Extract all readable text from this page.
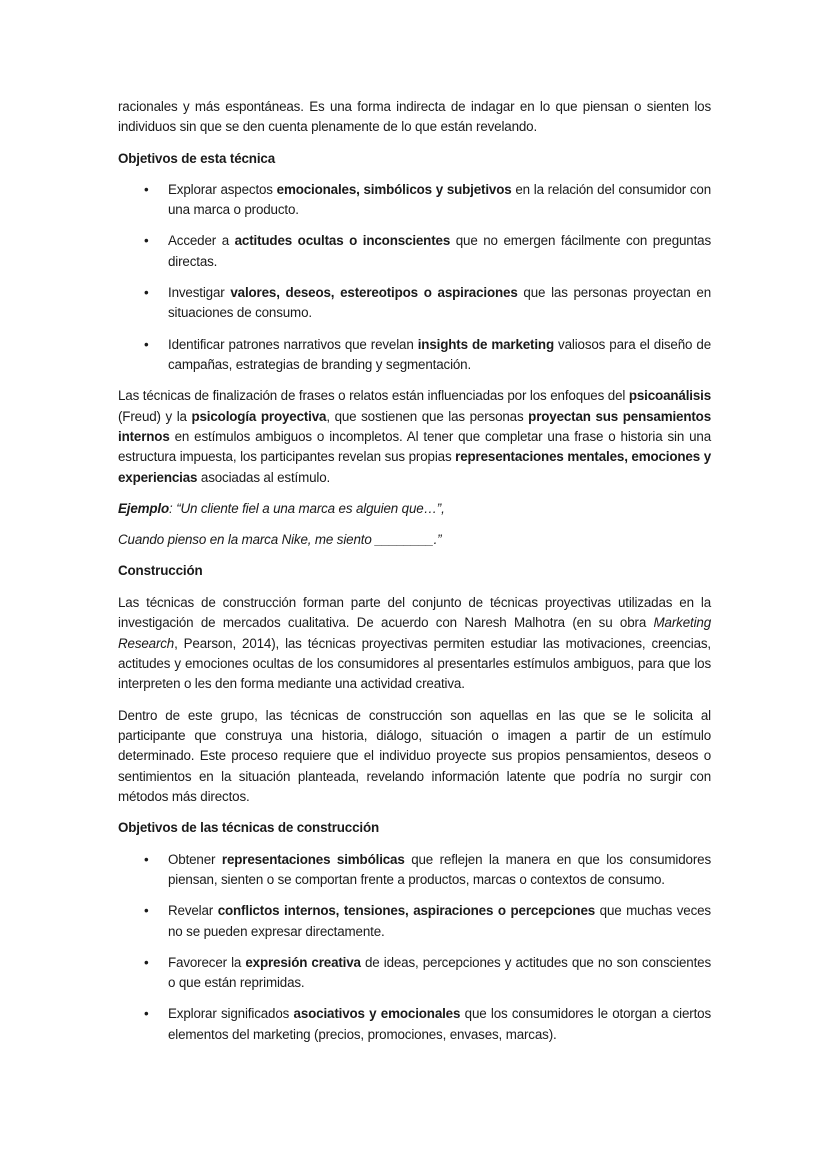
racionales y más espontáneas. Es una forma indirecta de indagar en lo que piensan o sienten los individuos sin que se den cuenta plenamente de lo que están revelando.

Objetivos de esta técnica

• Explorar aspectos emocionales, simbólicos y subjetivos en la relación del consumidor con una marca o producto.
• Acceder a actitudes ocultas o inconscientes que no emergen fácilmente con preguntas directas.
• Investigar valores, deseos, estereotipos o aspiraciones que las personas proyectan en situaciones de consumo.
• Identificar patrones narrativos que revelan insights de marketing valiosos para el diseño de campañas, estrategias de branding y segmentación.

Las técnicas de finalización de frases o relatos están influenciadas por los enfoques del psicoanálisis (Freud) y la psicología proyectiva, que sostienen que las personas proyectan sus pensamientos internos en estímulos ambiguos o incompletos. Al tener que completar una frase o historia sin una estructura impuesta, los participantes revelan sus propias representaciones mentales, emociones y experiencias asociadas al estímulo.

Ejemplo: “Un cliente fiel a una marca es alguien que…”,

Cuando pienso en la marca Nike, me siento ________.”

Construcción

Las técnicas de construcción forman parte del conjunto de técnicas proyectivas utilizadas en la investigación de mercados cualitativa. De acuerdo con Naresh Malhotra (en su obra Marketing Research, Pearson, 2014), las técnicas proyectivas permiten estudiar las motivaciones, creencias, actitudes y emociones ocultas de los consumidores al presentarles estímulos ambiguos, para que los interpreten o les den forma mediante una actividad creativa.

Dentro de este grupo, las técnicas de construcción son aquellas en las que se le solicita al participante que construya una historia, diálogo, situación o imagen a partir de un estímulo determinado. Este proceso requiere que el individuo proyecte sus propios pensamientos, deseos o sentimientos en la situación planteada, revelando información latente que podría no surgir con métodos más directos.

Objetivos de las técnicas de construcción

• Obtener representaciones simbólicas que reflejen la manera en que los consumidores piensan, sienten o se comportan frente a productos, marcas o contextos de consumo.
• Revelar conflictos internos, tensiones, aspiraciones o percepciones que muchas veces no se pueden expresar directamente.
• Favorecer la expresión creativa de ideas, percepciones y actitudes que no son conscientes o que están reprimidas.
• Explorar significados asociativos y emocionales que los consumidores le otorgan a ciertos elementos del marketing (precios, promociones, envases, marcas).
